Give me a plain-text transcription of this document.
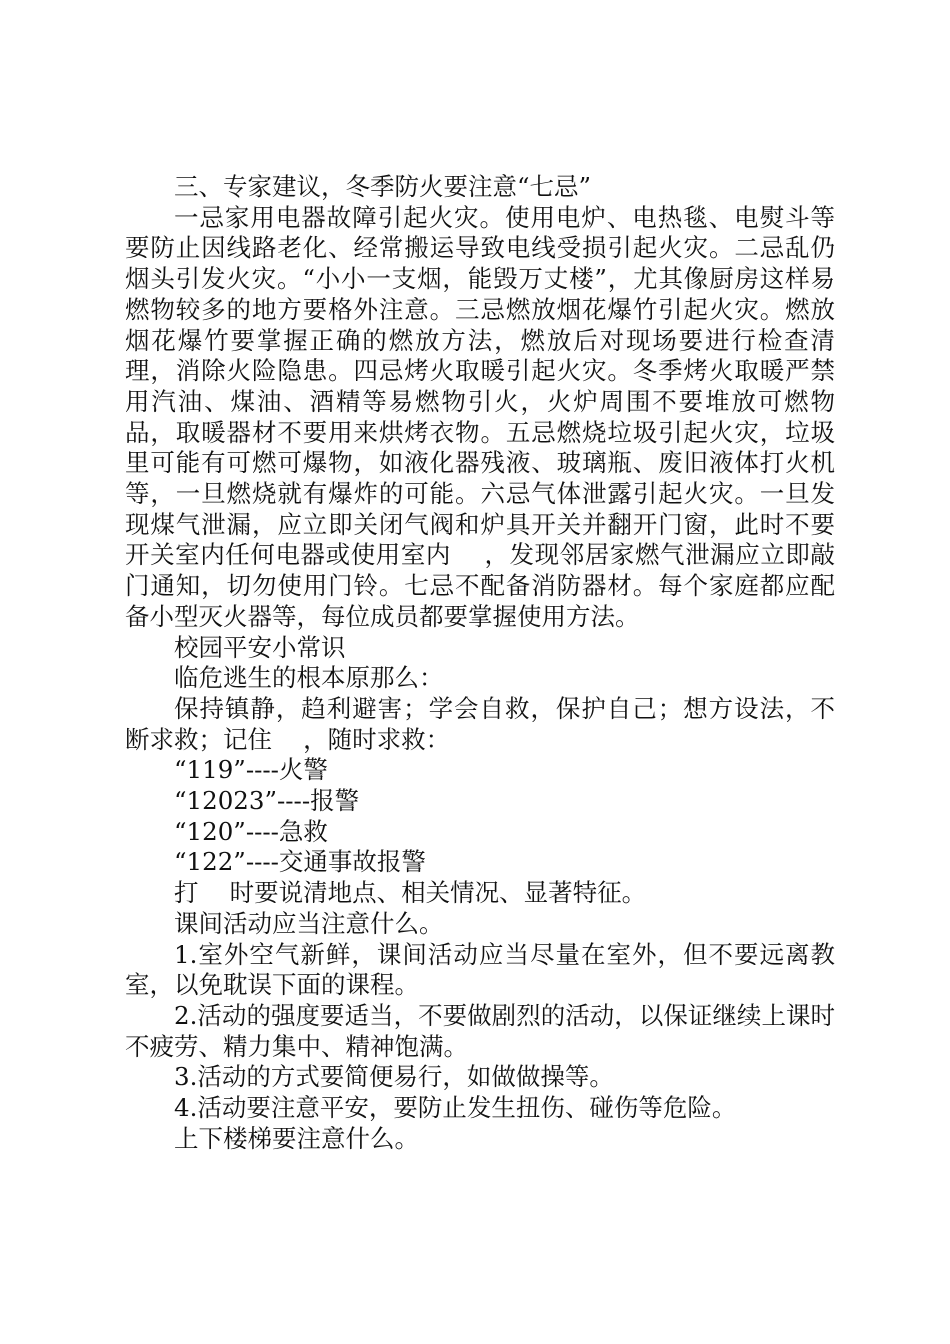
三、专家建议，冬季防火要注意“七忌”

一忌家用电器故障引起火灾。使用电炉、电热毯、电熨斗等要防止因线路老化、经常搬运导致电线受损引起火灾。二忌乱仍烟头引发火灾。“小小一支烟，能毁万丈楼”，尤其像厨房这样易燃物较多的地方要格外注意。三忌燃放烟花爆竹引起火灾。燃放烟花爆竹要掌握正确的燃放方法，燃放后对现场要进行检查清理，消除火险隐患。四忌烤火取暖引起火灾。冬季烤火取暖严禁用汽油、煤油、酒精等易燃物引火，火炉周围不要堆放可燃物品，取暖器材不要用来烘烤衣物。五忌燃烧垃圾引起火灾，垃圾里可能有可燃可爆物，如液化器残液、玻璃瓶、废旧液体打火机等，一旦燃烧就有爆炸的可能。六忌气体泄露引起火灾。一旦发现煤气泄漏，应立即关闭气阀和炉具开关并翻开门窗，此时不要开关室内任何电器或使用室内    ，发现邻居家燃气泄漏应立即敲门通知，切勿使用门铃。七忌不配备消防器材。每个家庭都应配备小型灭火器等，每位成员都要掌握使用方法。

校园平安小常识

临危逃生的根本原那么：

保持镇静，趋利避害；学会自救，保护自己；想方设法，不断求救；记住    ，随时求救：

“119”----火警

“12023”----报警

“120”----急救

“122”----交通事故报警

打    时要说清地点、相关情况、显著特征。

课间活动应当注意什么。

1.室外空气新鲜，课间活动应当尽量在室外，但不要远离教室，以免耽误下面的课程。

2.活动的强度要适当，不要做剧烈的活动，以保证继续上课时不疲劳、精力集中、精神饱满。

3.活动的方式要简便易行，如做做操等。

4.活动要注意平安，要防止发生扭伤、碰伤等危险。

上下楼梯要注意什么。
